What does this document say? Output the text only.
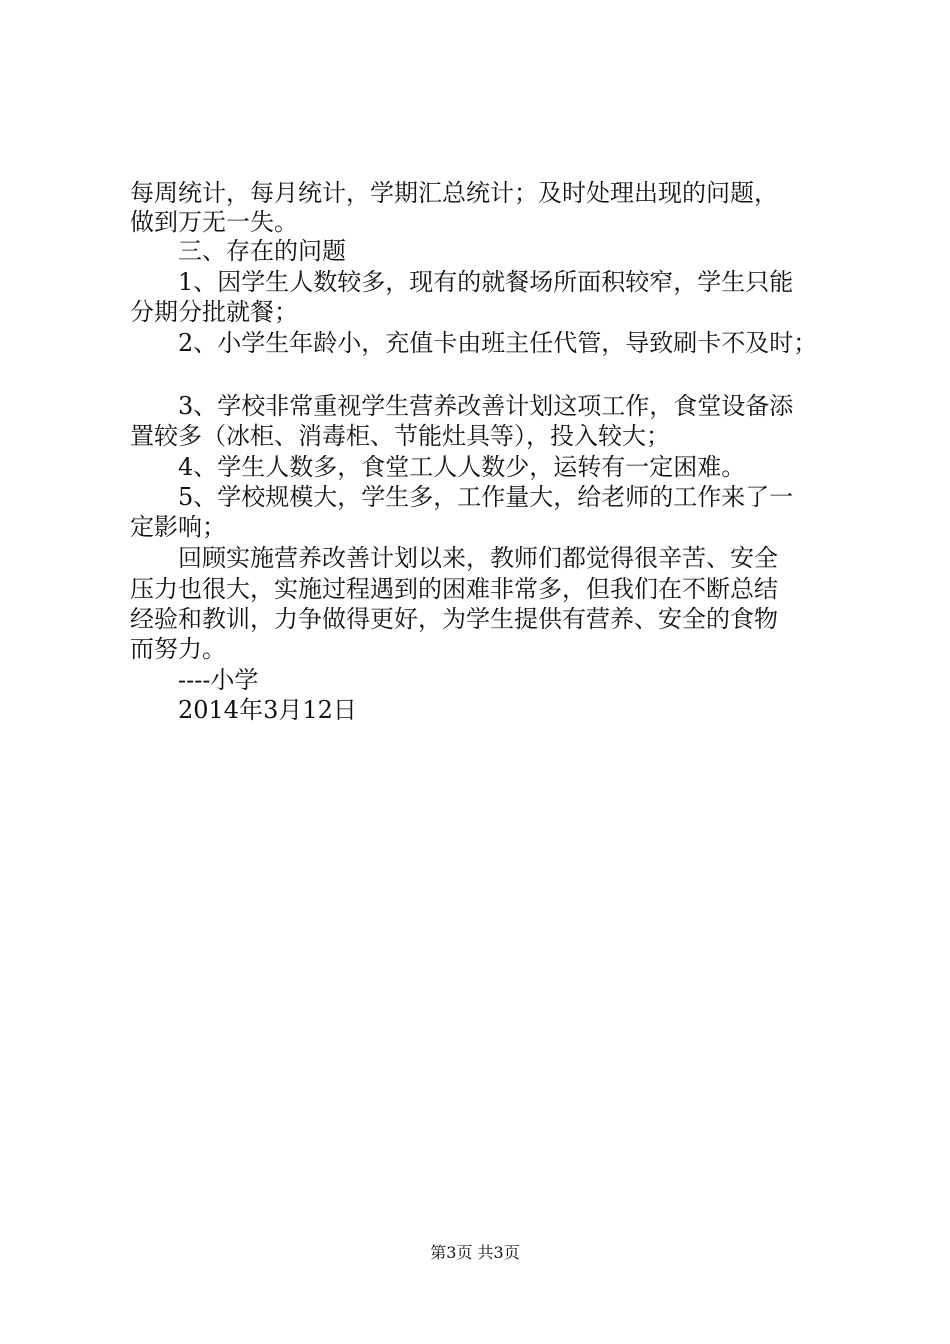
每周统计，每月统计，学期汇总统计；及时处理出现的问题，
做到万无一失。
　　三、存在的问题
　　1、因学生人数较多，现有的就餐场所面积较窄，学生只能
分期分批就餐；
　　2、小学生年龄小，充值卡由班主任代管，导致刷卡不及时；
　　3、学校非常重视学生营养改善计划这项工作，食堂设备添
置较多（冰柜、消毒柜、节能灶具等），投入较大；
　　4、学生人数多，食堂工人人数少，运转有一定困难。
　　5、学校规模大，学生多，工作量大，给老师的工作来了一
定影响；
　　回顾实施营养改善计划以来，教师们都觉得很辛苦、安全
压力也很大，实施过程遇到的困难非常多，但我们在不断总结
经验和教训，力争做得更好，为学生提供有营养、安全的食物
而努力。
　　----小学
　　2014年3月12日
第3页 共3页
